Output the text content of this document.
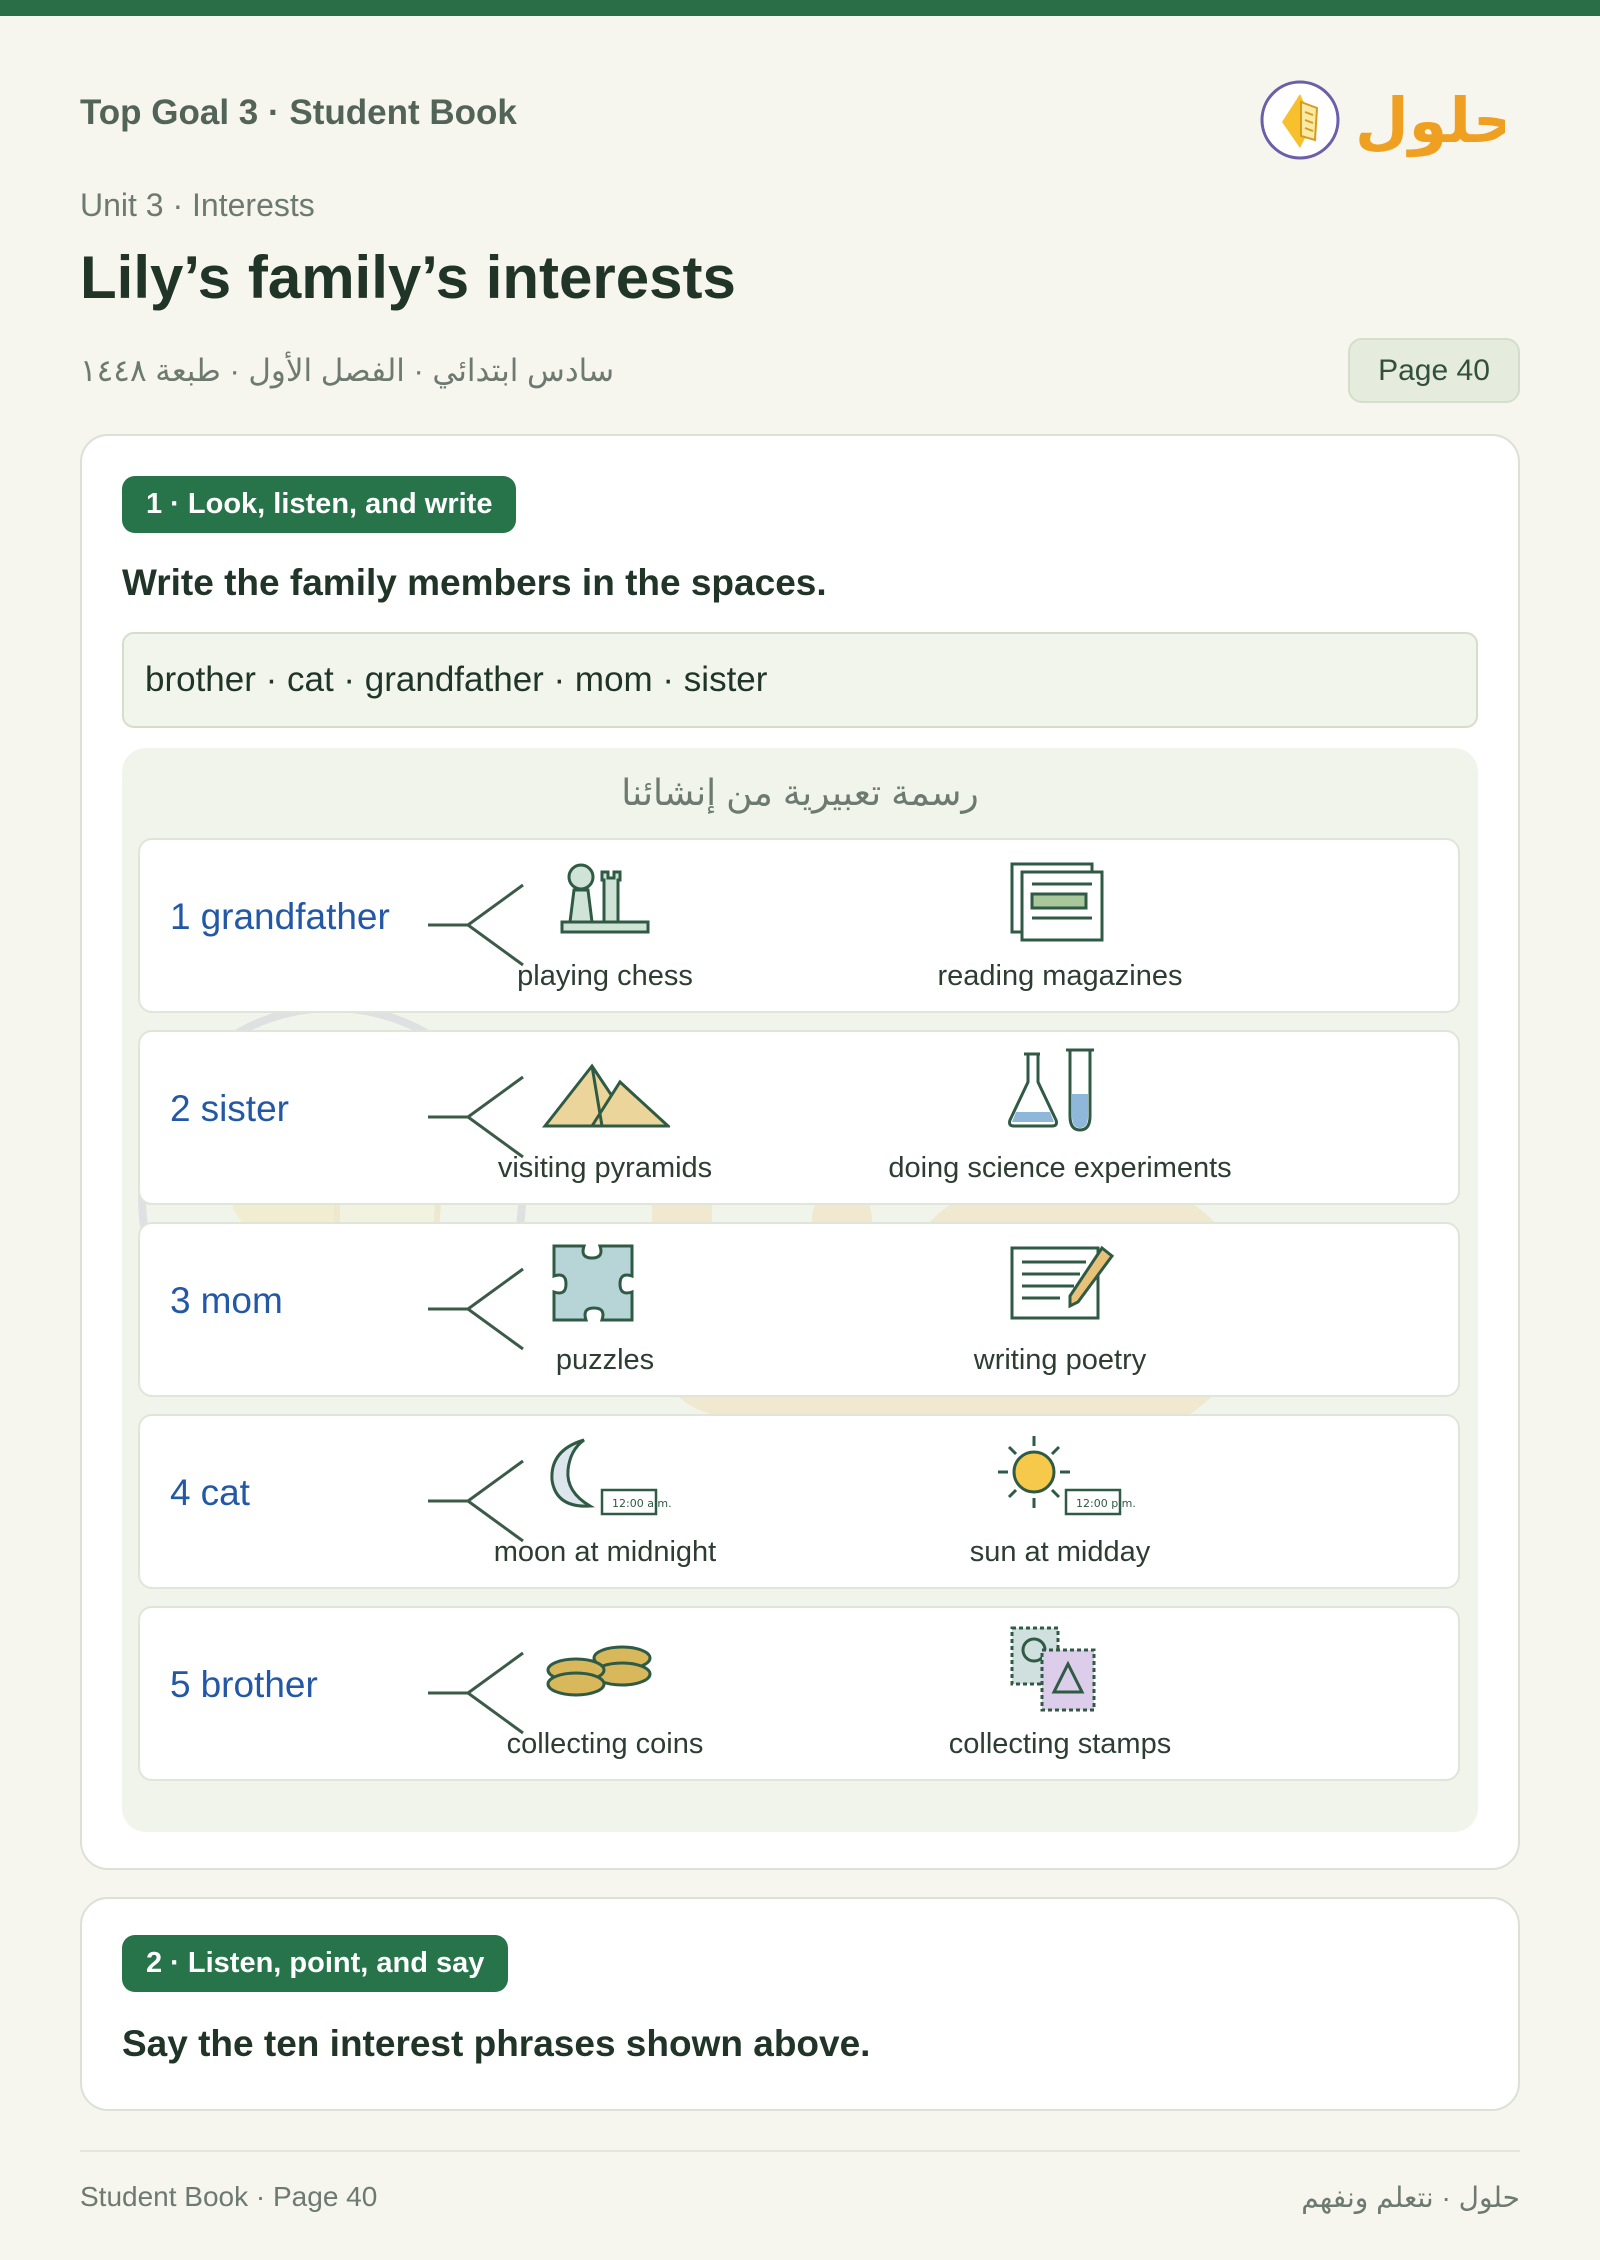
Top Goal 3 · Student Book	حلول
Unit 3 · Interests
Lily’s family’s interests
سادس ابتدائي · الفصل الأول · طبعة ١٤٤٨	Page 40
1 · Look, listen, and write
Write the family members in the spaces.
brother · cat · grandfather · mom · sister
رسمة تعبيرية من إنشائنا
1 grandfather
playing chess	reading magazines
2 sister
visiting pyramids	doing science experiments
3 mom
puzzles	writing poetry
4 cat	12:00 a.m.
moon at midnight
12:00 p.m.
sun at midday
5 brother
collecting coins	collecting stamps
2 · Listen, point, and say
Say the ten interest phrases shown above.
Student Book · Page 40	حلول · نتعلم ونفهم
